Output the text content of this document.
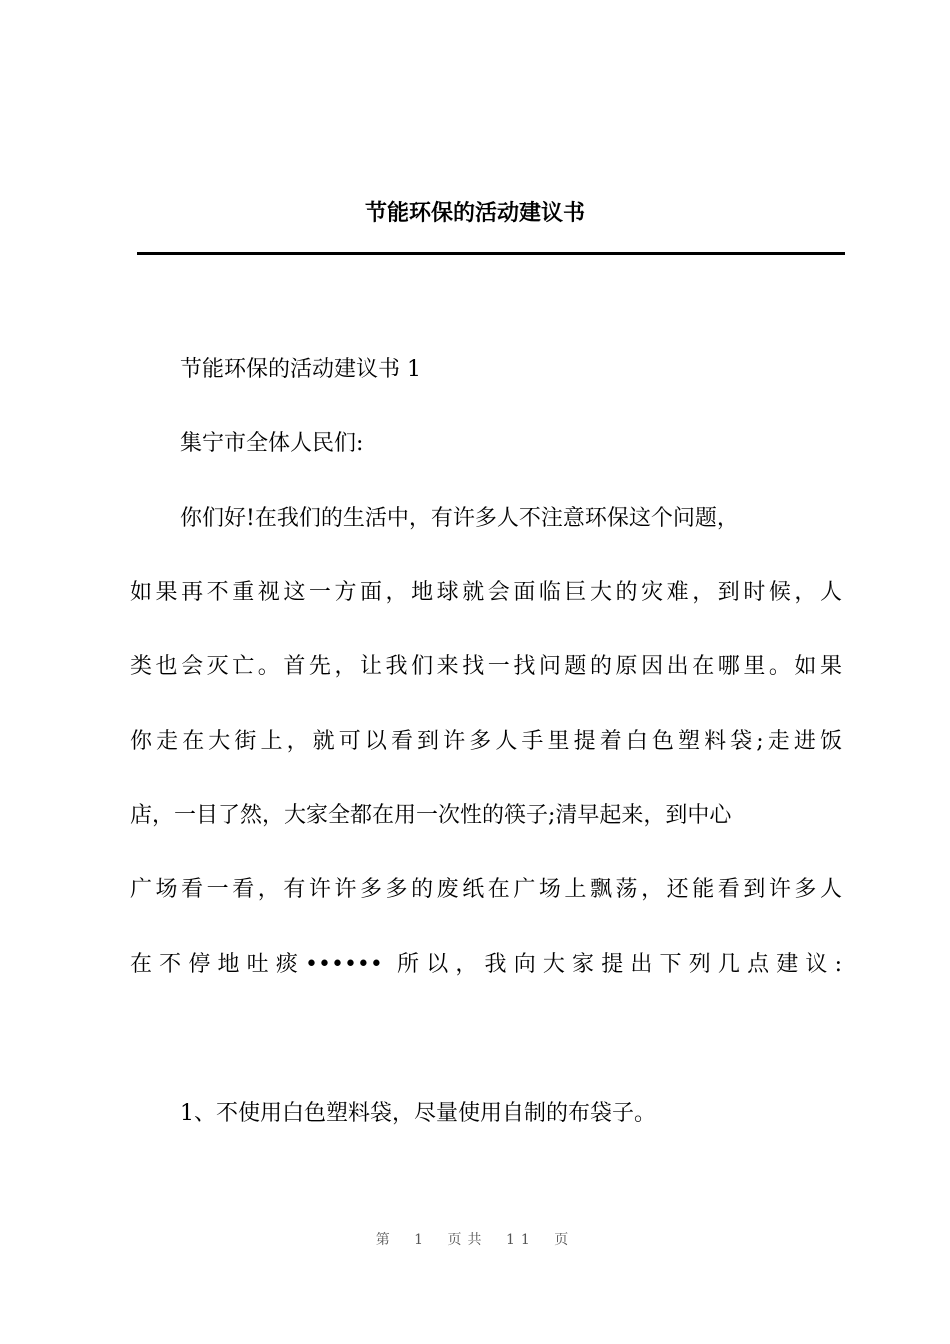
节能环保的活动建议书

节能环保的活动建议书 1

集宁市全体人民们:

你们好!在我们的生活中，有许多人不注意环保这个问题，

如果再不重视这一方面，地球就会面临巨大的灾难，到时候，人

类也会灭亡。首先，让我们来找一找问题的原因出在哪里。如果

你走在大街上，就可以看到许多人手里提着白色塑料袋;走进饭

店，一目了然，大家全都在用一次性的筷子;清早起来，到中心

广场看一看，有许许多多的废纸在广场上飘荡，还能看到许多人

在不停地吐痰•••••• 所以，我向大家提出下列几点建议:

1、不使用白色塑料袋，尽量使用自制的布袋子。

第 1 页共 11 页
